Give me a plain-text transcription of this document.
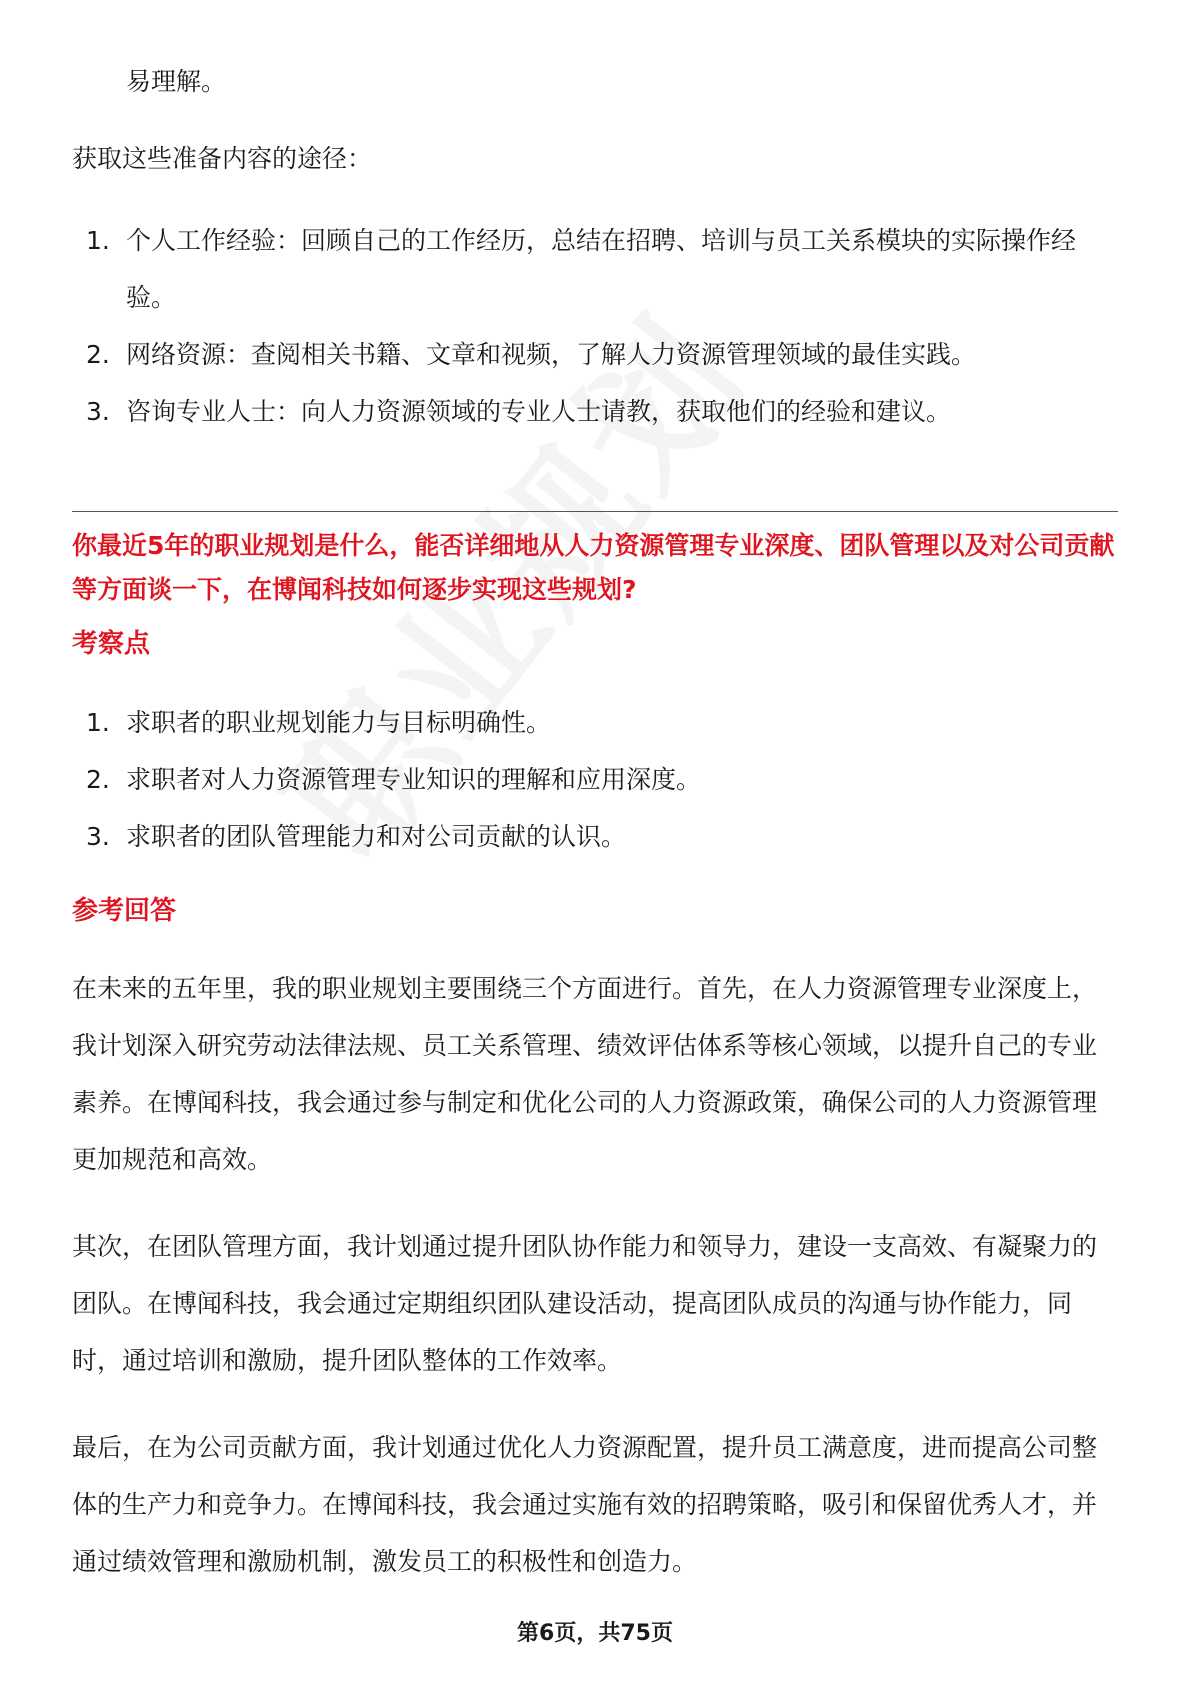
易理解。

获取这些准备内容的途径：

1. 个人工作经验：回顾自己的工作经历，总结在招聘、培训与员工关系模块的实际操作经验。
2. 网络资源：查阅相关书籍、文章和视频，了解人力资源管理领域的最佳实践。
3. 咨询专业人士：向人力资源领域的专业人士请教，获取他们的经验和建议。

你最近5年的职业规划是什么，能否详细地从人力资源管理专业深度、团队管理以及对公司贡献等方面谈一下，在博闻科技如何逐步实现这些规划?

考察点

1. 求职者的职业规划能力与目标明确性。
2. 求职者对人力资源管理专业知识的理解和应用深度。
3. 求职者的团队管理能力和对公司贡献的认识。

参考回答

在未来的五年里，我的职业规划主要围绕三个方面进行。首先，在人力资源管理专业深度上，我计划深入研究劳动法律法规、员工关系管理、绩效评估体系等核心领域，以提升自己的专业素养。在博闻科技，我会通过参与制定和优化公司的人力资源政策，确保公司的人力资源管理更加规范和高效。

其次，在团队管理方面，我计划通过提升团队协作能力和领导力，建设一支高效、有凝聚力的团队。在博闻科技，我会通过定期组织团队建设活动，提高团队成员的沟通与协作能力，同时，通过培训和激励，提升团队整体的工作效率。

最后，在为公司贡献方面，我计划通过优化人力资源配置，提升员工满意度，进而提高公司整体的生产力和竞争力。在博闻科技，我会通过实施有效的招聘策略，吸引和保留优秀人才，并通过绩效管理和激励机制，激发员工的积极性和创造力。

第6页，共75页
